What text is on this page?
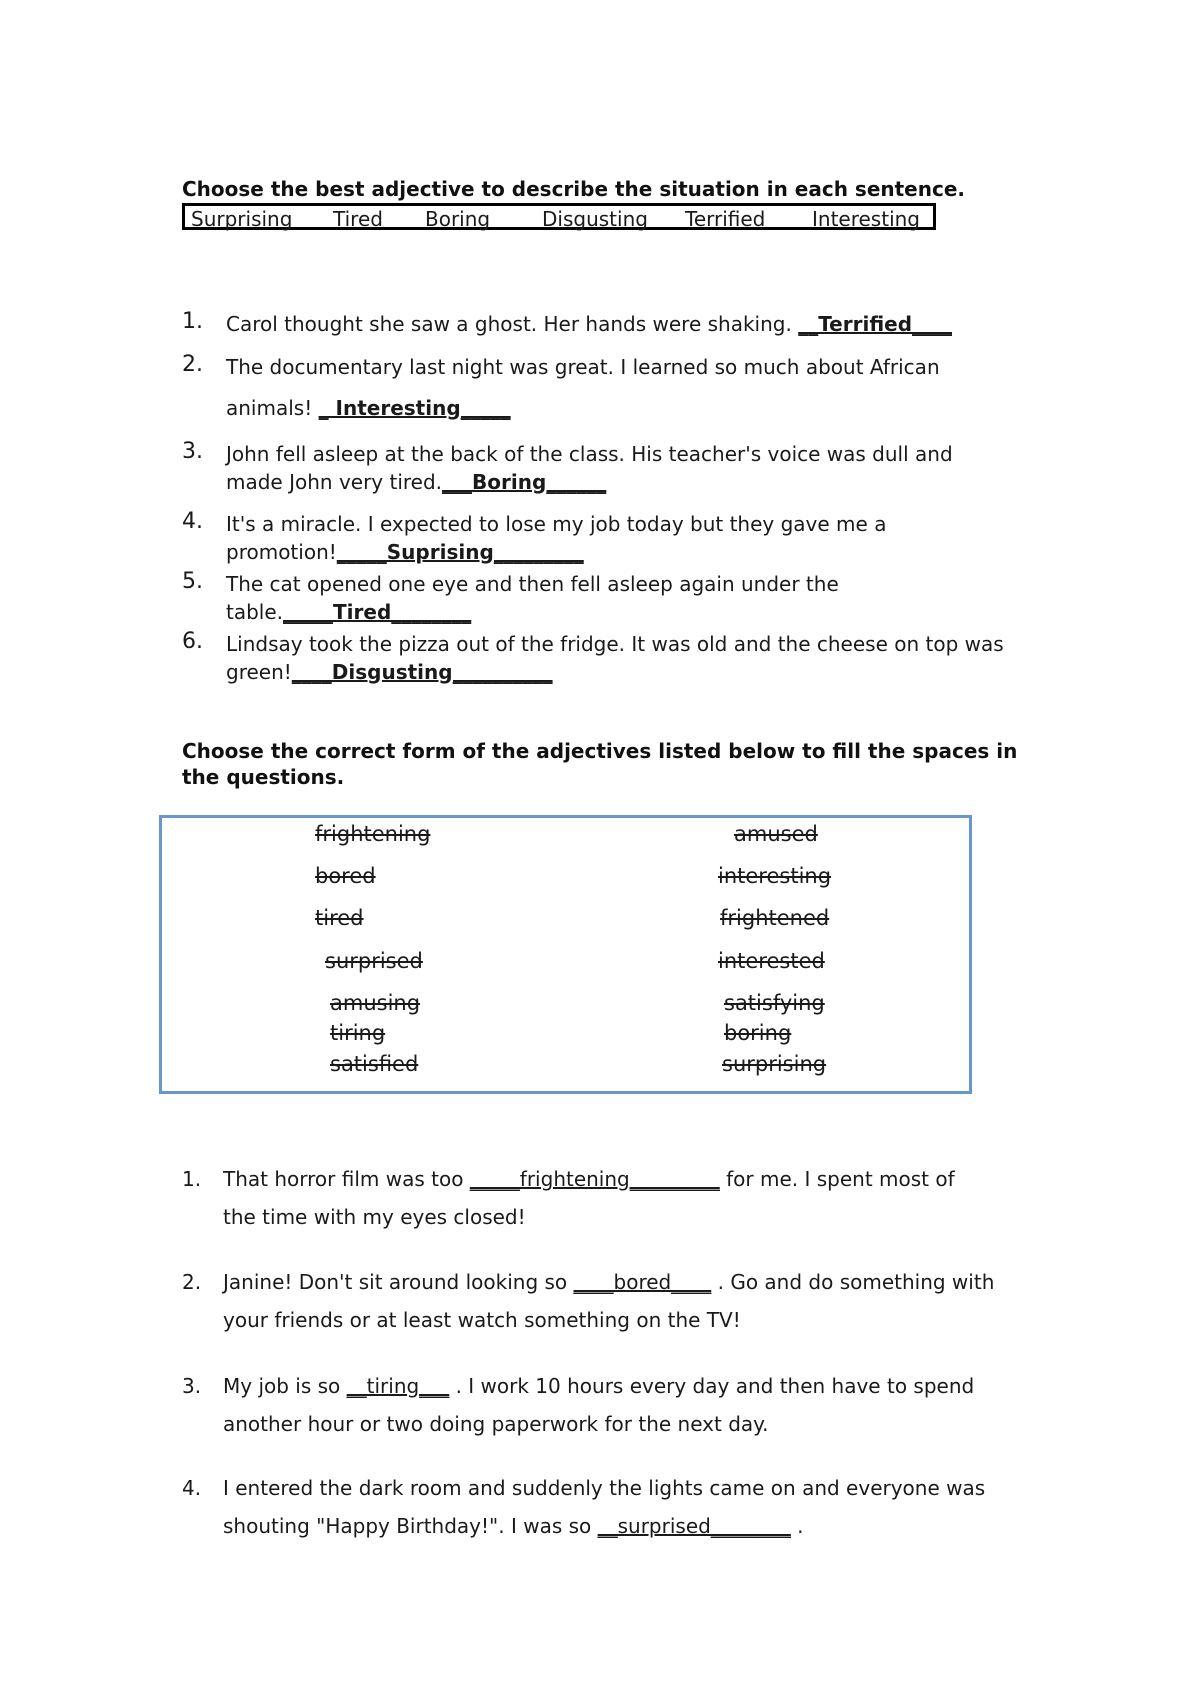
Choose the best adjective to describe the situation in each sentence.
Surprising Tired Boring	Disgusting Terrified Interesting
1. Carol thought she saw a ghost. Her hands were shaking. __Terrified____
2. The documentary last night was great. I learned so much about African
animals! _ Interesting_____
3. John fell asleep at the back of the class. His teacher's voice was dull and
made John very tired.___Boring______
4. It's a miracle. I expected to lose my job today but they gave me a
promotion!_____Suprising_________
5. The cat opened one eye and then fell asleep again under the
table._____Tired________
6. Lindsay took the pizza out of the fridge. It was old and the cheese on top was
green!____Disgusting__________
Choose the correct form of the adjectives listed below to fill the spaces in
the questions.
frightening
bored
tired
surprised
amusing
tiring
satisfied
amused
interesting
frightened
interested
satisfying
boring
surprising
1. That horror film was too _____frightening_________ for me. I spent most of
the time with my eyes closed!
2. Janine! Don't sit around looking so ____bored____ . Go and do something with
your friends or at least watch something on the TV!
3. My job is so __tiring___ . I work 10 hours every day and then have to spend
another hour or two doing paperwork for the next day.
4. I entered the dark room and suddenly the lights came on and everyone was
shouting "Happy Birthday!". I was so __surprised________ .
